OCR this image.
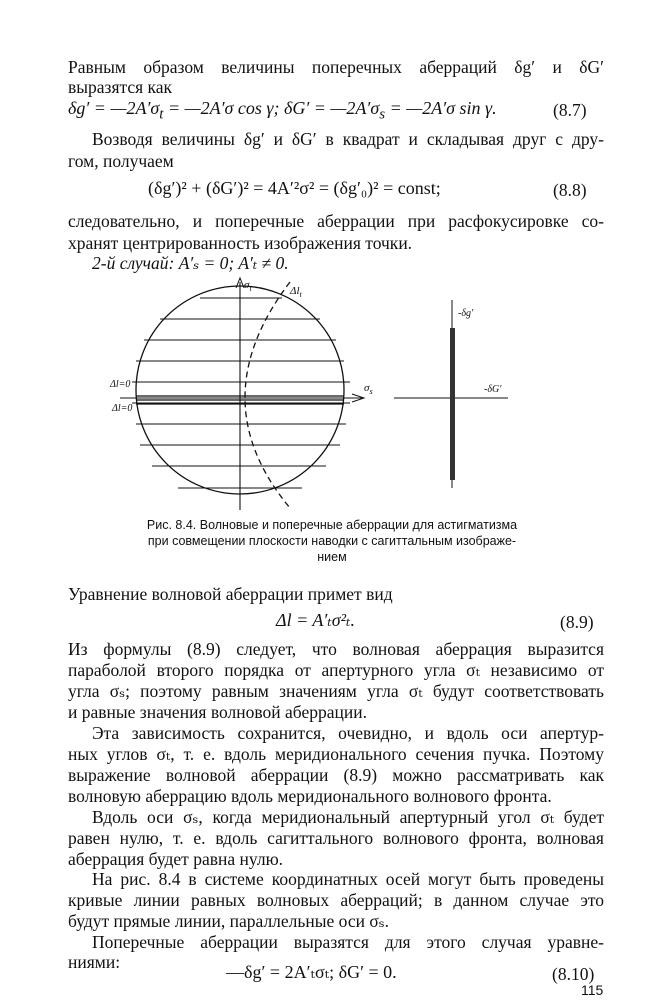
Равным образом величины поперечных аберраций δg′ и δG′
выразятся как
$\delta g' = —2A'\sigma_t$ = —2A′σ cos γ; $\delta G' = —2A'\sigma_s$ = —2A′σ sin γ.	(8.7)
Возводя величины δg′ и δG′ в квадрат и складывая друг с дру-
гом, получаем
(δg′)² + (δG′)² = 4A′²σ² = (δg′₀)² = const;	(8.8)
следовательно, и поперечные аберрации при расфокусировке со-
хранят центрированность изображения точки.
2-й случай: A′ₛ = 0; A′ₜ ≠ 0.
$\sigma_t$	$\Delta l_t$
$\sigma_s$
Δl=0
Δl=0
-δg′
-δG′
Рис. 8.4. Волновые и поперечные аберрации для астигматизма
при совмещении плоскости наводки с сагиттальным изображе-
нием
Уравнение волновой аберрации примет вид
Δl = A′ₜσ²ₜ.	(8.9)
Из формулы (8.9) следует, что волновая аберрация выразится
параболой второго порядка от апертурного угла σₜ независимо от
угла σₛ; поэтому равным значениям угла σₜ будут соответствовать
и равные значения волновой аберрации.
Эта зависимость сохранится, очевидно, и вдоль оси апертур-
ных углов σₜ, т. е. вдоль меридионального сечения пучка. Поэтому
выражение волновой аберрации (8.9) можно рассматривать как
волновую аберрацию вдоль меридионального волнового фронта.
Вдоль оси σₛ, когда меридиональный апертурный угол σₜ будет
равен нулю, т. е. вдоль сагиттального волнового фронта, волновая
аберрация будет равна нулю.
На рис. 8.4 в системе координатных осей могут быть проведены
кривые линии равных волновых аберраций; в данном случае это
будут прямые линии, параллельные оси σₛ.
Поперечные аберрации выразятся для этого случая уравне-
ниями:	—δg′ = 2A′ₜσₜ; δG′ = 0.	(8.10)
115
